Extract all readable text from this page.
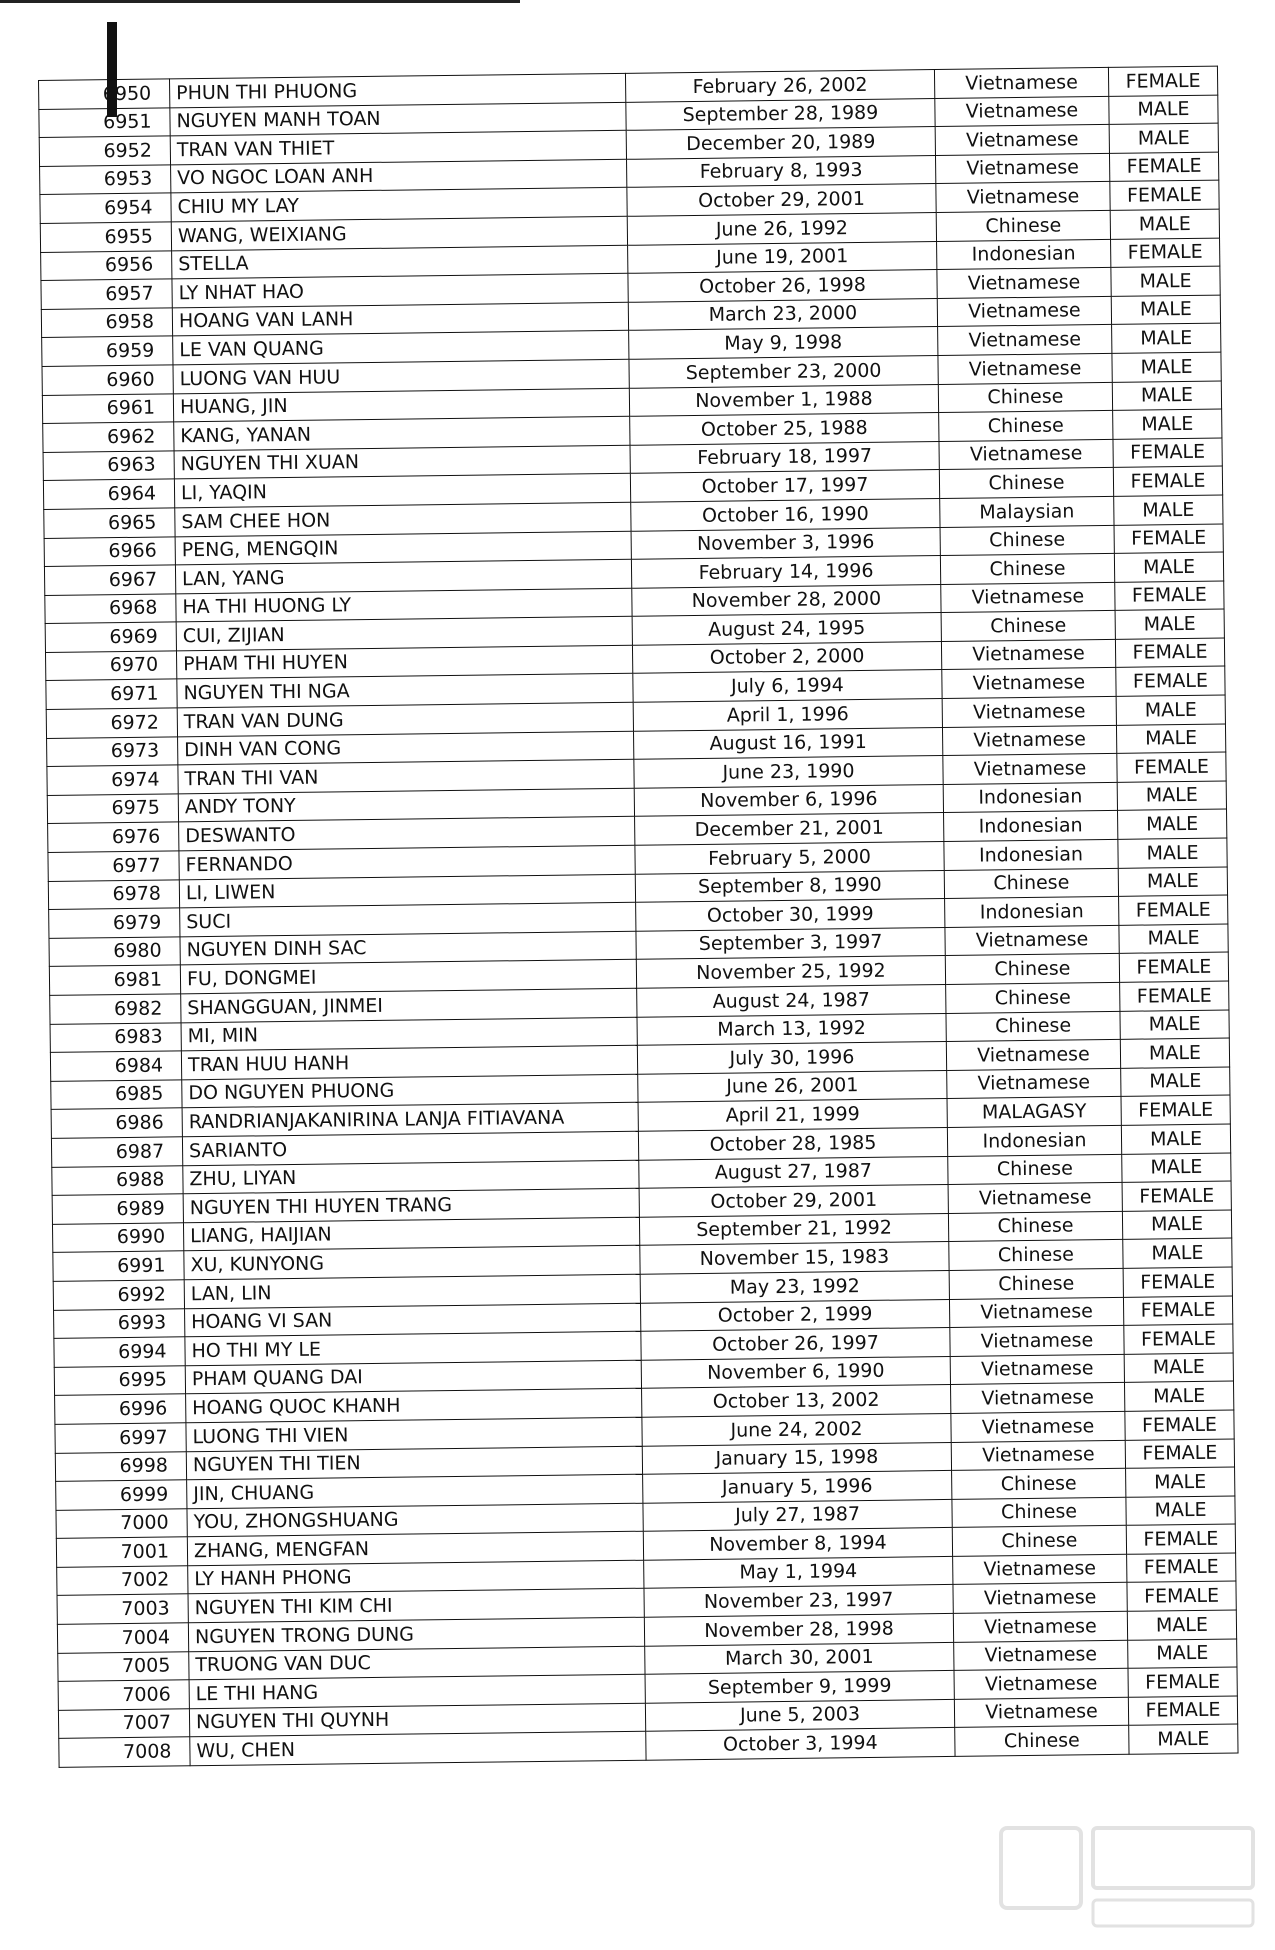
6950	PHUN THI PHUONG	February 26, 2002	Vietnamese	FEMALE
6951	NGUYEN MANH TOAN	September 28, 1989	Vietnamese	MALE
6952	TRAN VAN THIET	December 20, 1989	Vietnamese	MALE
6953	VO NGOC LOAN ANH	February 8, 1993	Vietnamese	FEMALE
6954	CHIU MY LAY	October 29, 2001	Vietnamese	FEMALE
6955	WANG, WEIXIANG	June 26, 1992	Chinese	MALE
6956	STELLA	June 19, 2001	Indonesian	FEMALE
6957	LY NHAT HAO	October 26, 1998	Vietnamese	MALE
6958	HOANG VAN LANH	March 23, 2000	Vietnamese	MALE
6959	LE VAN QUANG	May 9, 1998	Vietnamese	MALE
6960	LUONG VAN HUU	September 23, 2000	Vietnamese	MALE
6961	HUANG, JIN	November 1, 1988	Chinese	MALE
6962	KANG, YANAN	October 25, 1988	Chinese	MALE
6963	NGUYEN THI XUAN	February 18, 1997	Vietnamese	FEMALE
6964	LI, YAQIN	October 17, 1997	Chinese	FEMALE
6965	SAM CHEE HON	October 16, 1990	Malaysian	MALE
6966	PENG, MENGQIN	November 3, 1996	Chinese	FEMALE
6967	LAN, YANG	February 14, 1996	Chinese	MALE
6968	HA THI HUONG LY	November 28, 2000	Vietnamese	FEMALE
6969	CUI, ZIJIAN	August 24, 1995	Chinese	MALE
6970	PHAM THI HUYEN	October 2, 2000	Vietnamese	FEMALE
6971	NGUYEN THI NGA	July 6, 1994	Vietnamese	FEMALE
6972	TRAN VAN DUNG	April 1, 1996	Vietnamese	MALE
6973	DINH VAN CONG	August 16, 1991	Vietnamese	MALE
6974	TRAN THI VAN	June 23, 1990	Vietnamese	FEMALE
6975	ANDY TONY	November 6, 1996	Indonesian	MALE
6976	DESWANTO	December 21, 2001	Indonesian	MALE
6977	FERNANDO	February 5, 2000	Indonesian	MALE
6978	LI, LIWEN	September 8, 1990	Chinese	MALE
6979	SUCI	October 30, 1999	Indonesian	FEMALE
6980	NGUYEN DINH SAC	September 3, 1997	Vietnamese	MALE
6981	FU, DONGMEI	November 25, 1992	Chinese	FEMALE
6982	SHANGGUAN, JINMEI	August 24, 1987	Chinese	FEMALE
6983	MI, MIN	March 13, 1992	Chinese	MALE
6984	TRAN HUU HANH	July 30, 1996	Vietnamese	MALE
6985	DO NGUYEN PHUONG	June 26, 2001	Vietnamese	MALE
6986	RANDRIANJAKANIRINA LANJA FITIAVANA	April 21, 1999	MALAGASY	FEMALE
6987	SARIANTO	October 28, 1985	Indonesian	MALE
6988	ZHU, LIYAN	August 27, 1987	Chinese	MALE
6989	NGUYEN THI HUYEN TRANG	October 29, 2001	Vietnamese	FEMALE
6990	LIANG, HAIJIAN	September 21, 1992	Chinese	MALE
6991	XU, KUNYONG	November 15, 1983	Chinese	MALE
6992	LAN, LIN	May 23, 1992	Chinese	FEMALE
6993	HOANG VI SAN	October 2, 1999	Vietnamese	FEMALE
6994	HO THI MY LE	October 26, 1997	Vietnamese	FEMALE
6995	PHAM QUANG DAI	November 6, 1990	Vietnamese	MALE
6996	HOANG QUOC KHANH	October 13, 2002	Vietnamese	MALE
6997	LUONG THI VIEN	June 24, 2002	Vietnamese	FEMALE
6998	NGUYEN THI TIEN	January 15, 1998	Vietnamese	FEMALE
6999	JIN, CHUANG	January 5, 1996	Chinese	MALE
7000	YOU, ZHONGSHUANG	July 27, 1987	Chinese	MALE
7001	ZHANG, MENGFAN	November 8, 1994	Chinese	FEMALE
7002	LY HANH PHONG	May 1, 1994	Vietnamese	FEMALE
7003	NGUYEN THI KIM CHI	November 23, 1997	Vietnamese	FEMALE
7004	NGUYEN TRONG DUNG	November 28, 1998	Vietnamese	MALE
7005	TRUONG VAN DUC	March 30, 2001	Vietnamese	MALE
7006	LE THI HANG	September 9, 1999	Vietnamese	FEMALE
7007	NGUYEN THI QUYNH	June 5, 2003	Vietnamese	FEMALE
7008	WU, CHEN	October 3, 1994	Chinese	MALE
